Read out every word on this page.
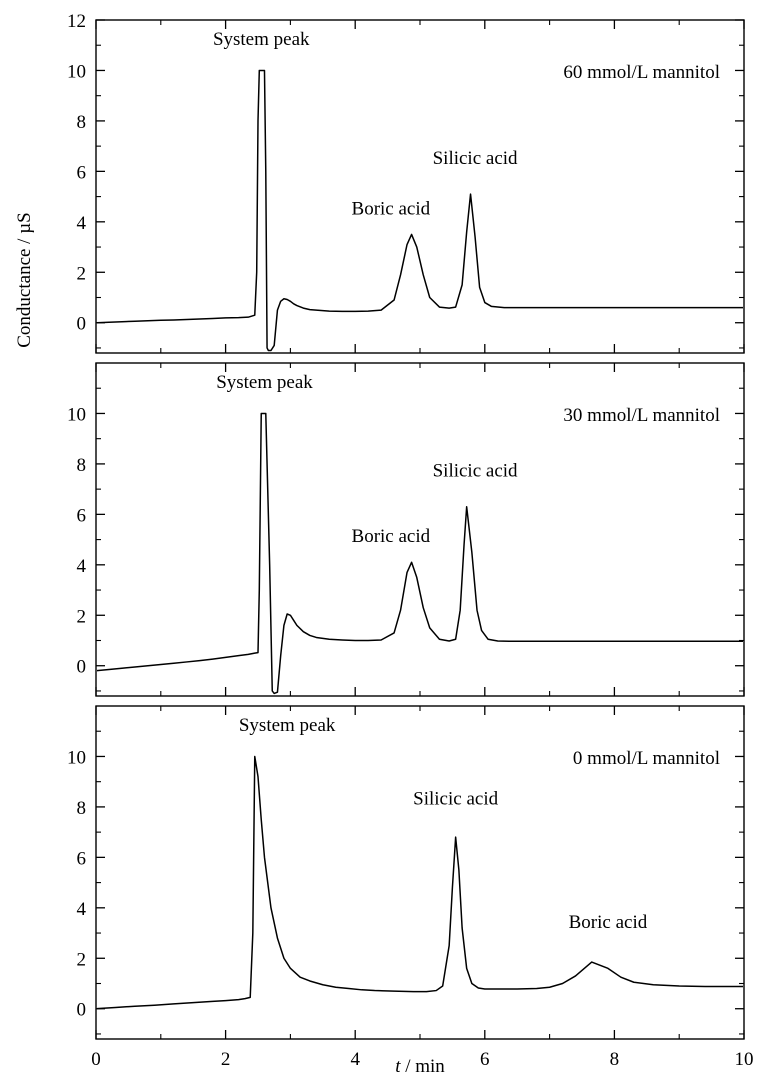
Conductance / µS 0
2
4
6
8
10
12
60 mmol/L mannitol
System peak
Boric acid
Silicic acid
0
2
4
6
8
10	30 mmol/L mannitol
System peak
Boric acid
Silicic acid
0
2
4
6
8
10
0	2	4	6	8	10
0 mmol/L mannitol
System peak
Silicic acid
Boric acid
t / min
